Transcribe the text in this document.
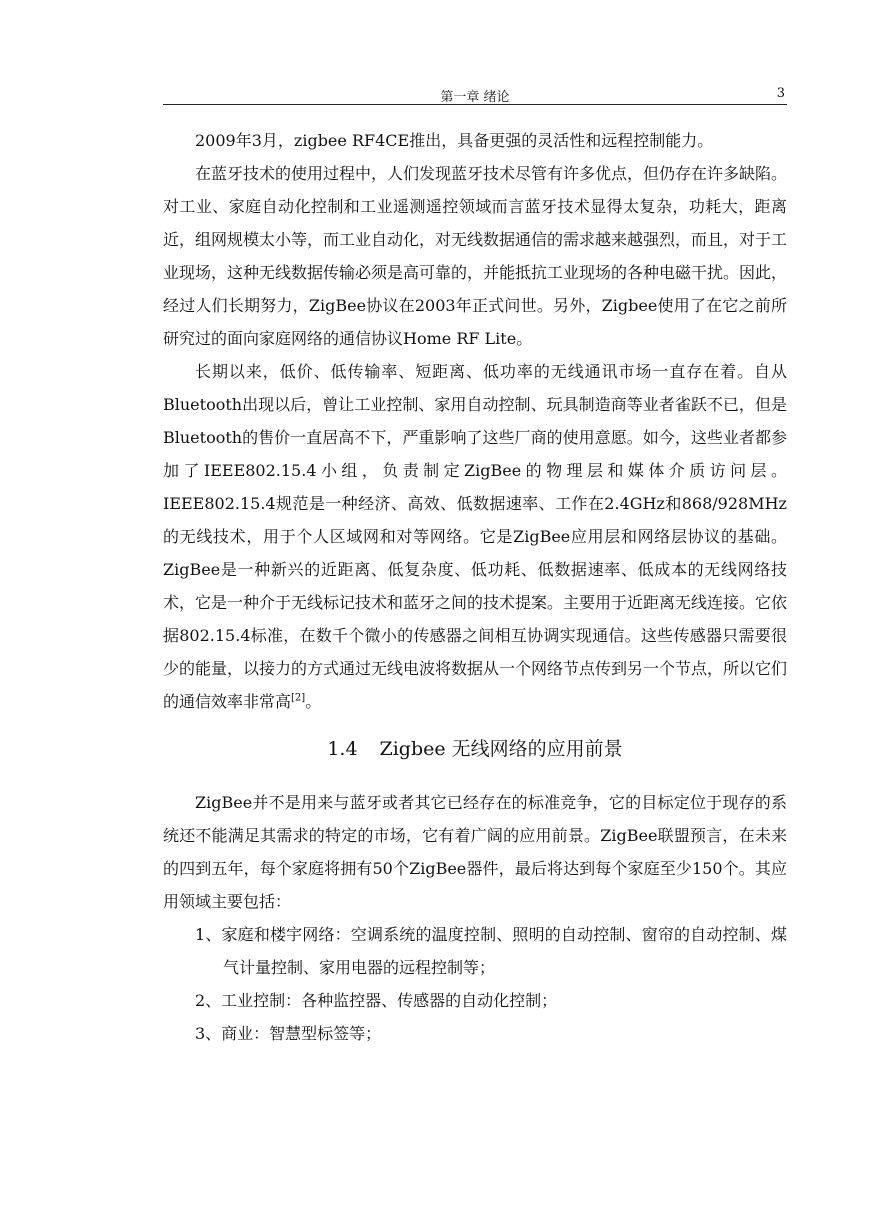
第一章 绪论	3

2009年3月，zigbee RF4CE推出，具备更强的灵活性和远程控制能力。

在蓝牙技术的使用过程中，人们发现蓝牙技术尽管有许多优点，但仍存在许多缺陷。对工业、家庭自动化控制和工业遥测遥控领域而言蓝牙技术显得太复杂，功耗大，距离近，组网规模太小等，而工业自动化，对无线数据通信的需求越来越强烈，而且，对于工业现场，这种无线数据传输必须是高可靠的，并能抵抗工业现场的各种电磁干扰。因此，经过人们长期努力，ZigBee协议在2003年正式问世。另外，Zigbee使用了在它之前所研究过的面向家庭网络的通信协议Home RF Lite。

长期以来，低价、低传输率、短距离、低功率的无线通讯市场一直存在着。自从Bluetooth出现以后，曾让工业控制、家用自动控制、玩具制造商等业者雀跃不已，但是Bluetooth的售价一直居高不下，严重影响了这些厂商的使用意愿。如今，这些业者都参加了IEEE802.15.4小组，负责制定ZigBee的物理层和媒体介质访问层。IEEE802.15.4规范是一种经济、高效、低数据速率、工作在2.4GHz和868/928MHz的无线技术，用于个人区域网和对等网络。它是ZigBee应用层和网络层协议的基础。ZigBee是一种新兴的近距离、低复杂度、低功耗、低数据速率、低成本的无线网络技术，它是一种介于无线标记技术和蓝牙之间的技术提案。主要用于近距离无线连接。它依据802.15.4标准，在数千个微小的传感器之间相互协调实现通信。这些传感器只需要很少的能量，以接力的方式通过无线电波将数据从一个网络节点传到另一个节点，所以它们的通信效率非常高[2]。

1.4 Zigbee 无线网络的应用前景

ZigBee并不是用来与蓝牙或者其它已经存在的标准竞争，它的目标定位于现存的系统还不能满足其需求的特定的市场，它有着广阔的应用前景。ZigBee联盟预言，在未来的四到五年，每个家庭将拥有50个ZigBee器件，最后将达到每个家庭至少150个。其应用领域主要包括：

1、家庭和楼宇网络：空调系统的温度控制、照明的自动控制、窗帘的自动控制、煤气计量控制、家用电器的远程控制等；
2、工业控制：各种监控器、传感器的自动化控制；
3、商业：智慧型标签等；
